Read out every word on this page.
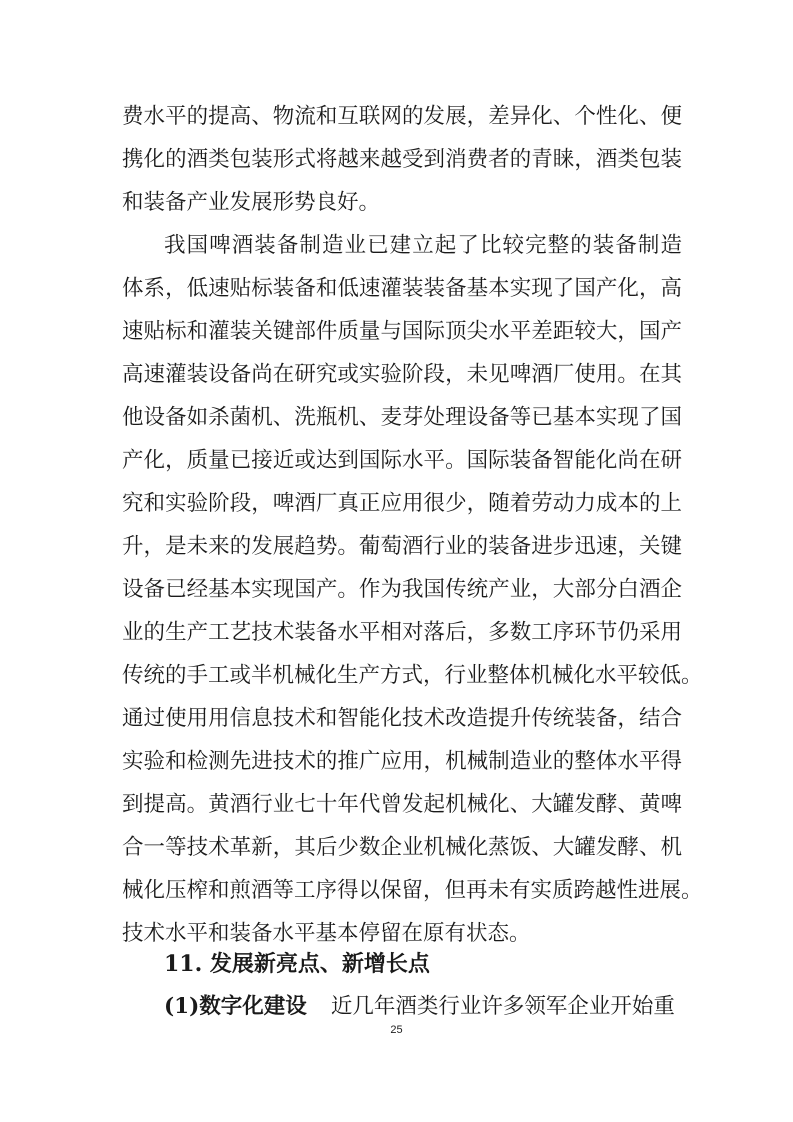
费水平的提高、物流和互联网的发展，差异化、个性化、便
携化的酒类包装形式将越来越受到消费者的青睐，酒类包装
和装备产业发展形势良好。
我国啤酒装备制造业已建立起了比较完整的装备制造
体系，低速贴标装备和低速灌装装备基本实现了国产化，高
速贴标和灌装关键部件质量与国际顶尖水平差距较大，国产
高速灌装设备尚在研究或实验阶段，未见啤酒厂使用。在其
他设备如杀菌机、洗瓶机、麦芽处理设备等已基本实现了国
产化，质量已接近或达到国际水平。国际装备智能化尚在研
究和实验阶段，啤酒厂真正应用很少，随着劳动力成本的上
升，是未来的发展趋势。葡萄酒行业的装备进步迅速，关键
设备已经基本实现国产。作为我国传统产业，大部分白酒企
业的生产工艺技术装备水平相对落后，多数工序环节仍采用
传统的手工或半机械化生产方式，行业整体机械化水平较低。
通过使用用信息技术和智能化技术改造提升传统装备，结合
实验和检测先进技术的推广应用，机械制造业的整体水平得
到提高。黄酒行业七十年代曾发起机械化、大罐发酵、黄啤
合一等技术革新，其后少数企业机械化蒸饭、大罐发酵、机
械化压榨和煎酒等工序得以保留，但再未有实质跨越性进展。
技术水平和装备水平基本停留在原有状态。
11. 发展新亮点、新增长点
(1)数字化建设 近几年酒类行业许多领军企业开始重
25
